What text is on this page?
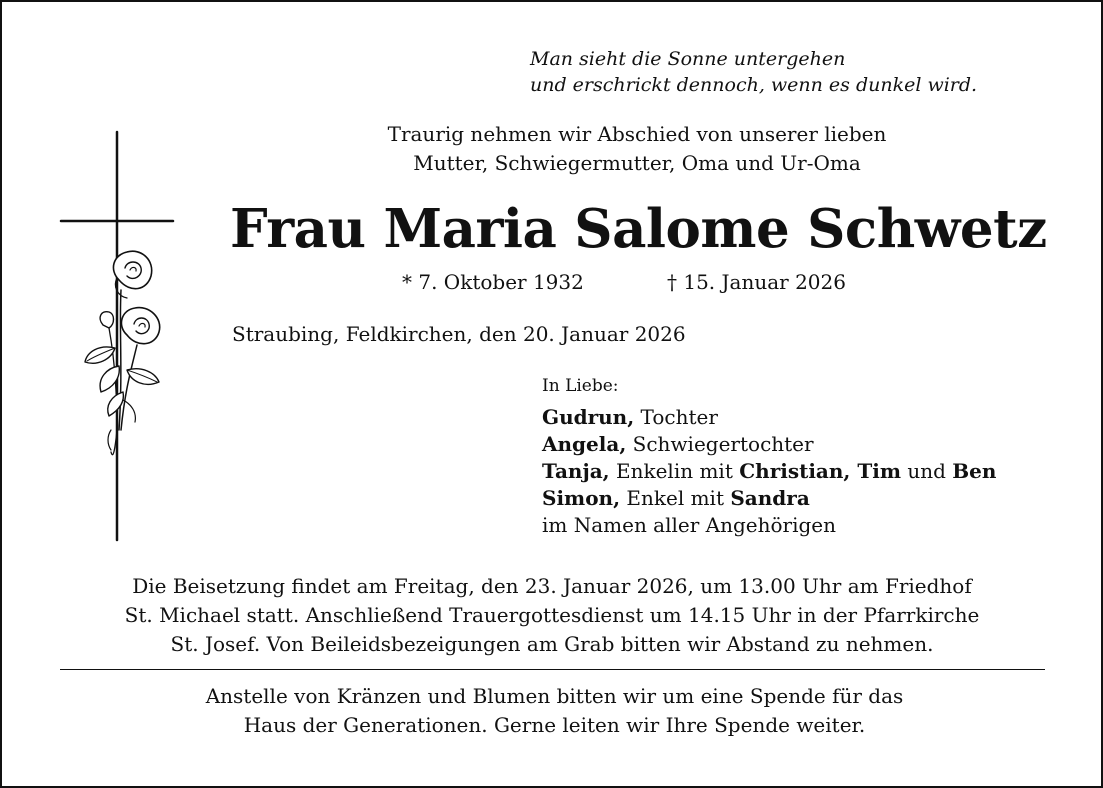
Man sieht die Sonne untergehen
und erschrickt dennoch, wenn es dunkel wird.
Traurig nehmen wir Abschied von unserer lieben
Mutter, Schwiegermutter, Oma und Ur-Oma
Frau Maria Salome Schwetz
* 7. Oktober 1932	† 15. Januar 2026
Straubing, Feldkirchen, den 20. Januar 2026
In Liebe:
Gudrun, Tochter
Angela, Schwiegertochter
Tanja, Enkelin mit Christian, Tim und Ben
Simon, Enkel mit Sandra
im Namen aller Angehörigen
Die Beisetzung findet am Freitag, den 23. Januar 2026, um 13.00 Uhr am Friedhof
St. Michael statt. Anschließend Trauergottesdienst um 14.15 Uhr in der Pfarrkirche
St. Josef. Von Beileidsbezeigungen am Grab bitten wir Abstand zu nehmen.
Anstelle von Kränzen und Blumen bitten wir um eine Spende für das
Haus der Generationen. Gerne leiten wir Ihre Spende weiter.
